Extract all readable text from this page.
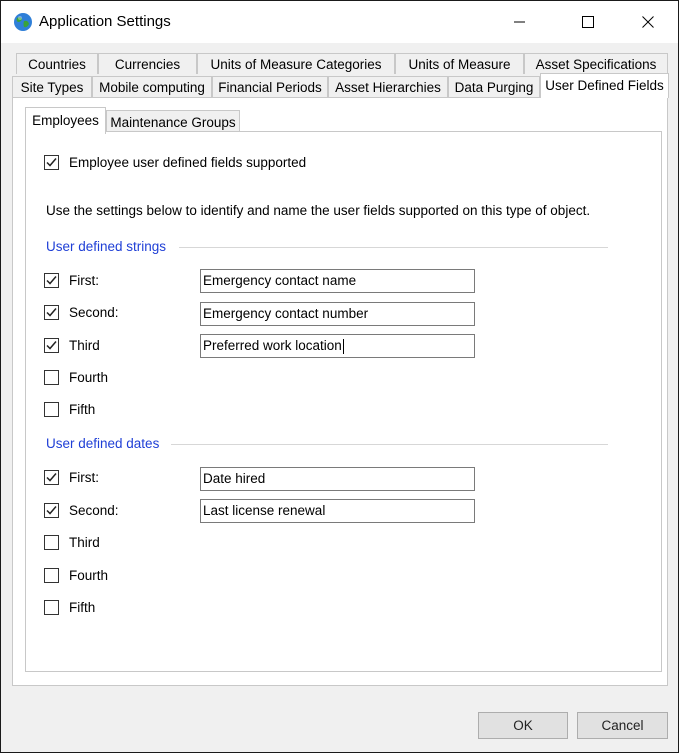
Application Settings
Countries	Currencies	Units of Measure Categories	Units of Measure	Asset Specifications
Site Types	Mobile computing Financial Periods Asset Hierarchies	Data Purging User Defined Fields
Employees Maintenance Groups
Employee user defined fields supported
Use the settings below to identify and name the user fields supported on this type of object.
User defined strings
First:	Emergency contact name
Second:	Emergency contact number
Third	Preferred work location
Fourth
Fifth
User defined dates
First:	Date hired
Second:	Last license renewal
Third
Fourth
Fifth
OK	Cancel
